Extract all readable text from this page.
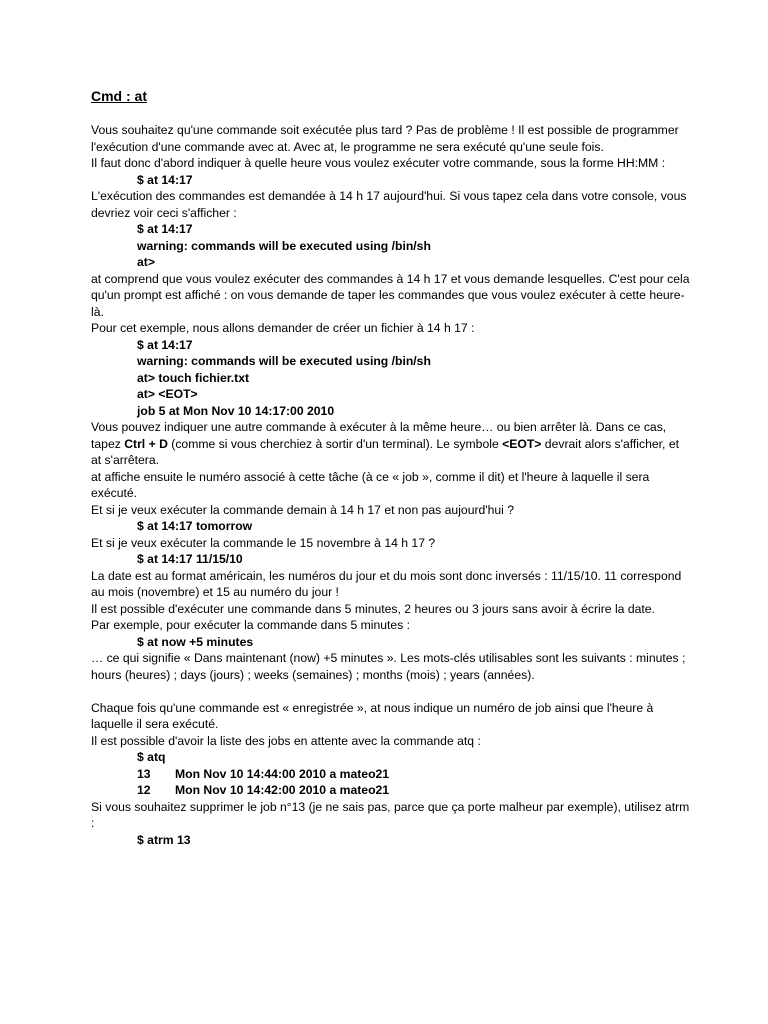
Cmd : at

Vous souhaitez qu'une commande soit exécutée plus tard ? Pas de problème ! Il est possible de programmer l'exécution d'une commande avec at. Avec at, le programme ne sera exécuté qu'une seule fois.

Il faut donc d'abord indiquer à quelle heure vous voulez exécuter votre commande, sous la forme HH:MM :

$ at 14:17

L'exécution des commandes est demandée à 14 h 17 aujourd'hui. Si vous tapez cela dans votre console, vous devriez voir ceci s'afficher :

$ at 14:17

warning: commands will be executed using /bin/sh

at>

at comprend que vous voulez exécuter des commandes à 14 h 17 et vous demande lesquelles. C'est pour cela qu'un prompt est affiché : on vous demande de taper les commandes que vous voulez exécuter à cette heure-là.

Pour cet exemple, nous allons demander de créer un fichier à 14 h 17 :

$ at 14:17

warning: commands will be executed using /bin/sh

at> touch fichier.txt

at> <EOT>

job 5 at Mon Nov 10 14:17:00 2010

Vous pouvez indiquer une autre commande à exécuter à la même heure… ou bien arrêter là. Dans ce cas, tapez Ctrl + D (comme si vous cherchiez à sortir d'un terminal). Le symbole <EOT> devrait alors s'afficher, et at s'arrêtera.

at affiche ensuite le numéro associé à cette tâche (à ce « job », comme il dit) et l'heure à laquelle il sera exécuté.

Et si je veux exécuter la commande demain à 14 h 17 et non pas aujourd'hui ?

$ at 14:17 tomorrow

Et si je veux exécuter la commande le 15 novembre à 14 h 17 ?

$ at 14:17 11/15/10

La date est au format américain, les numéros du jour et du mois sont donc inversés : 11/15/10. 11 correspond au mois (novembre) et 15 au numéro du jour !

Il est possible d'exécuter une commande dans 5 minutes, 2 heures ou 3 jours sans avoir à écrire la date.

Par exemple, pour exécuter la commande dans 5 minutes :

$ at now +5 minutes

… ce qui signifie « Dans maintenant (now) +5 minutes ». Les mots-clés utilisables sont les suivants : minutes ; hours (heures) ; days (jours) ; weeks (semaines) ; months (mois) ; years (années).

Chaque fois qu'une commande est « enregistrée », at nous indique un numéro de job ainsi que l'heure à laquelle il sera exécuté.

Il est possible d'avoir la liste des jobs en attente avec la commande atq :

$ atq

13 Mon Nov 10 14:44:00 2010 a mateo21

12 Mon Nov 10 14:42:00 2010 a mateo21

Si vous souhaitez supprimer le job n°13 (je ne sais pas, parce que ça porte malheur par exemple), utilisez atrm :

$ atrm 13
